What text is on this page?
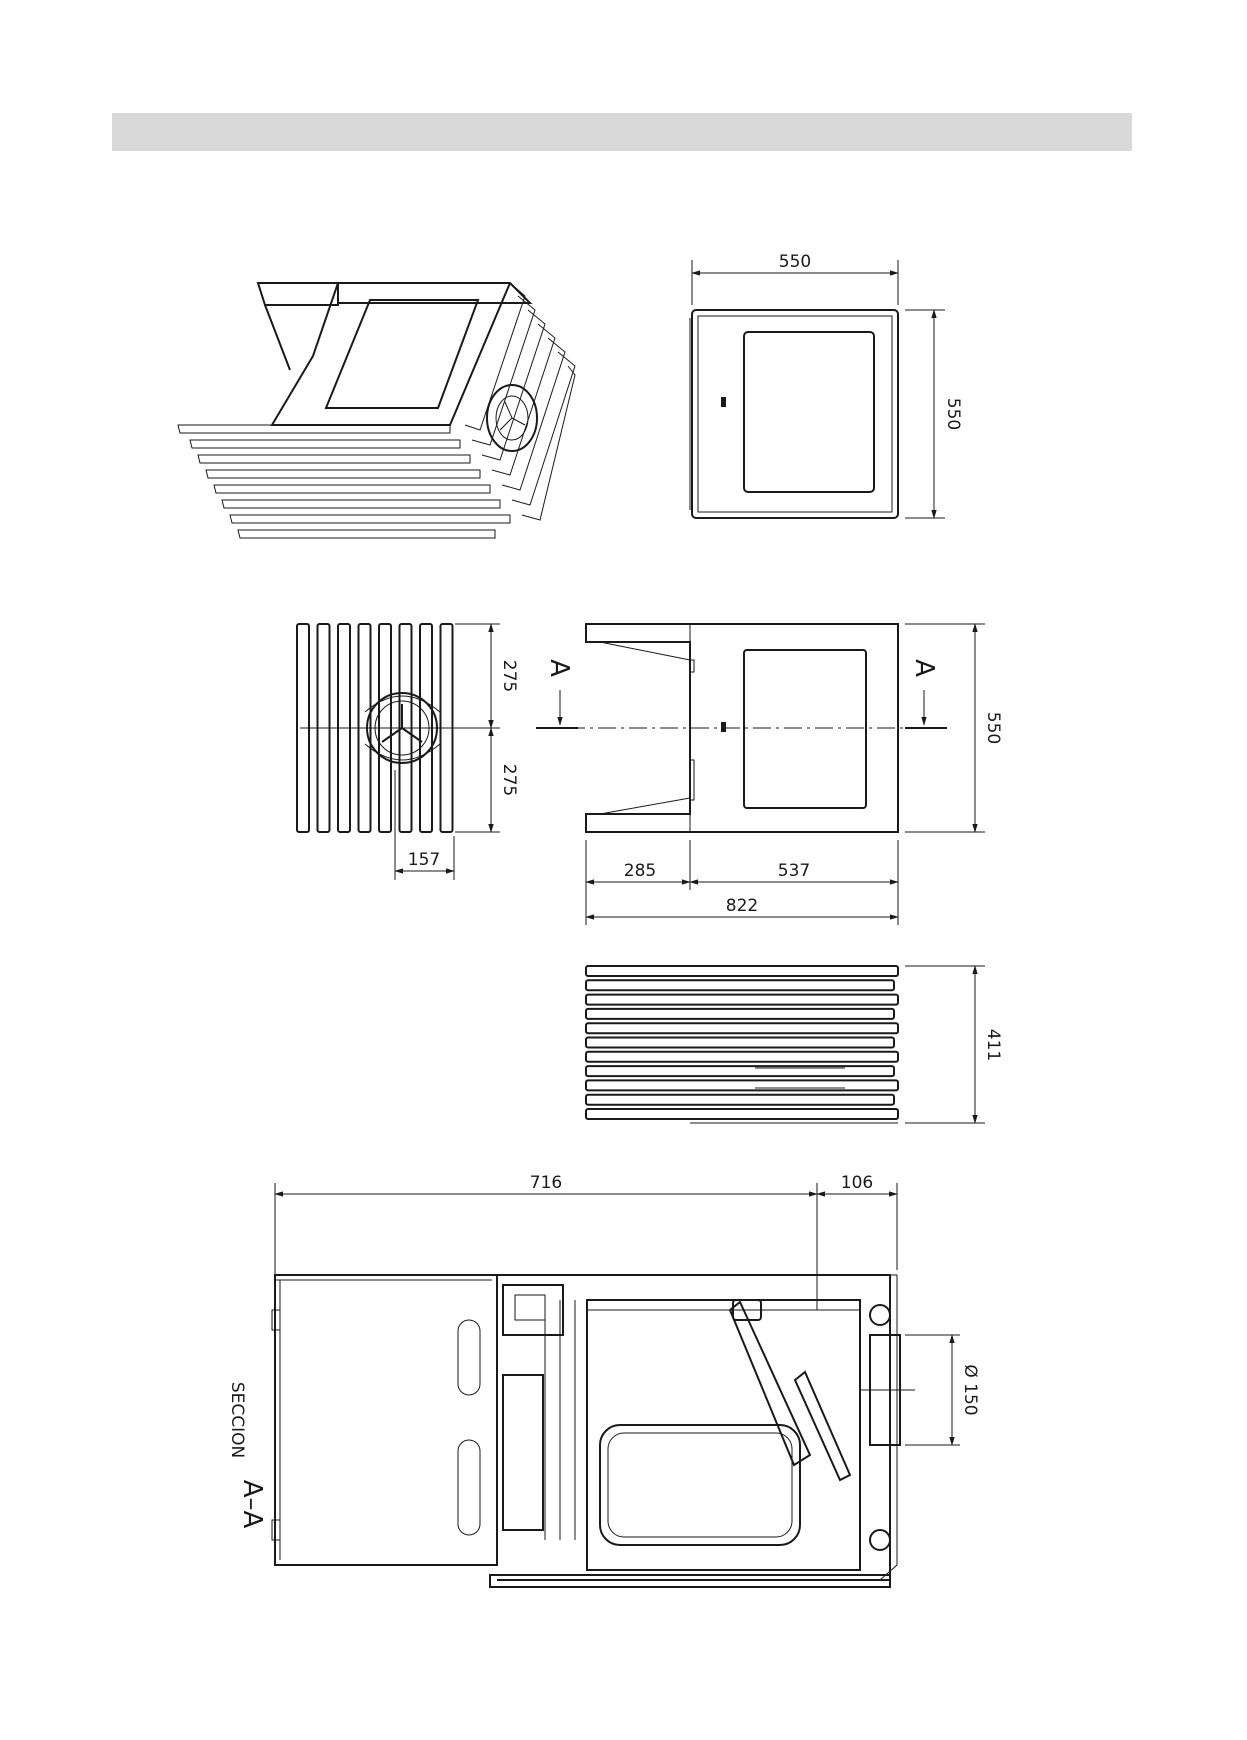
550
550
275
275
157
A	A
550
285	537
822
411
716	106
Ø 150
SECCION
A–A
